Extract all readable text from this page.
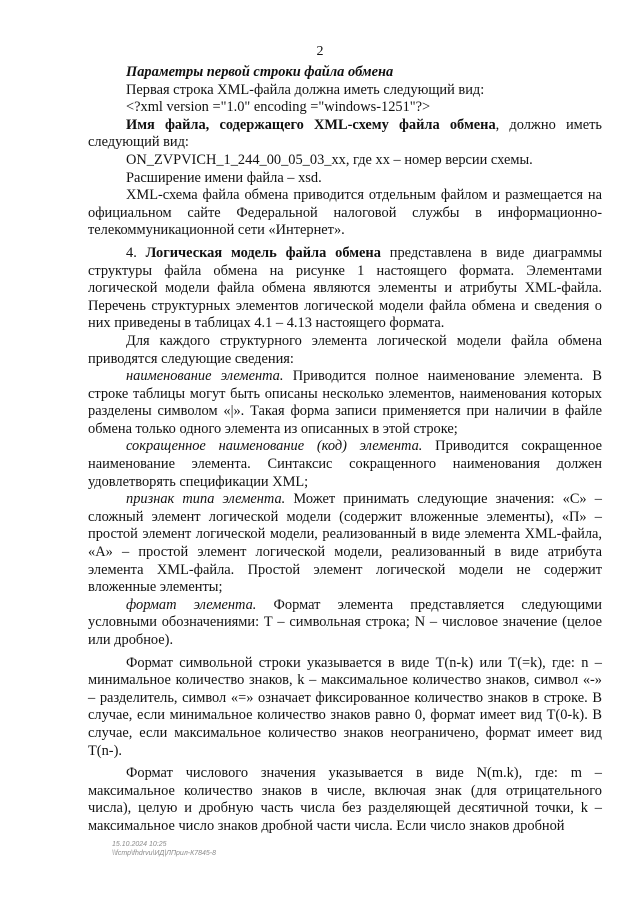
2

Параметры первой строки файла обмена

Первая строка XML-файла должна иметь следующий вид:

<?xml version ="1.0" encoding ="windows-1251"?>

Имя файла, содержащего XML-схему файла обмена, должно иметь следующий вид:

ON_ZVPVICH_1_244_00_05_03_xx, где xx – номер версии схемы.

Расширение имени файла – xsd.

XML-схема файла обмена приводится отдельным файлом и размещается на официальном сайте Федеральной налоговой службы в информационно-телекоммуникационной сети «Интернет».

4. Логическая модель файла обмена представлена в виде диаграммы структуры файла обмена на рисунке 1 настоящего формата. Элементами логической модели файла обмена являются элементы и атрибуты XML-файла. Перечень структурных элементов логической модели файла обмена и сведения о них приведены в таблицах 4.1 – 4.13 настоящего формата.

Для каждого структурного элемента логической модели файла обмена приводятся следующие сведения:

наименование элемента. Приводится полное наименование элемента. В строке таблицы могут быть описаны несколько элементов, наименования которых разделены символом «|». Такая форма записи применяется при наличии в файле обмена только одного элемента из описанных в этой строке;

сокращенное наименование (код) элемента. Приводится сокращенное наименование элемента. Синтаксис сокращенного наименования должен удовлетворять спецификации XML;

признак типа элемента. Может принимать следующие значения: «С» – сложный элемент логической модели (содержит вложенные элементы), «П» – простой элемент логической модели, реализованный в виде элемента XML-файла, «А» – простой элемент логической модели, реализованный в виде атрибута элемента XML-файла. Простой элемент логической модели не содержит вложенные элементы;

формат элемента. Формат элемента представляется следующими условными обозначениями: Т – символьная строка; N – числовое значение (целое или дробное).

Формат символьной строки указывается в виде T(n-k) или T(=k), где: n – минимальное количество знаков, k – максимальное количество знаков, символ «-» – разделитель, символ «=» означает фиксированное количество знаков в строке. В случае, если минимальное количество знаков равно 0, формат имеет вид T(0-k). В случае, если максимальное количество знаков неограничено, формат имеет вид T(n-).

Формат числового значения указывается в виде N(m.k), где: m – максимальное количество знаков в числе, включая знак (для отрицательного числа), целую и дробную часть числа без разделяющей десятичной точки, k – максимальное число знаков дробной части числа. Если число знаков дробной

15.10.2024 10:25
\\fcmp\fhdrvu\ИД|ЛПрил-К7845-8
